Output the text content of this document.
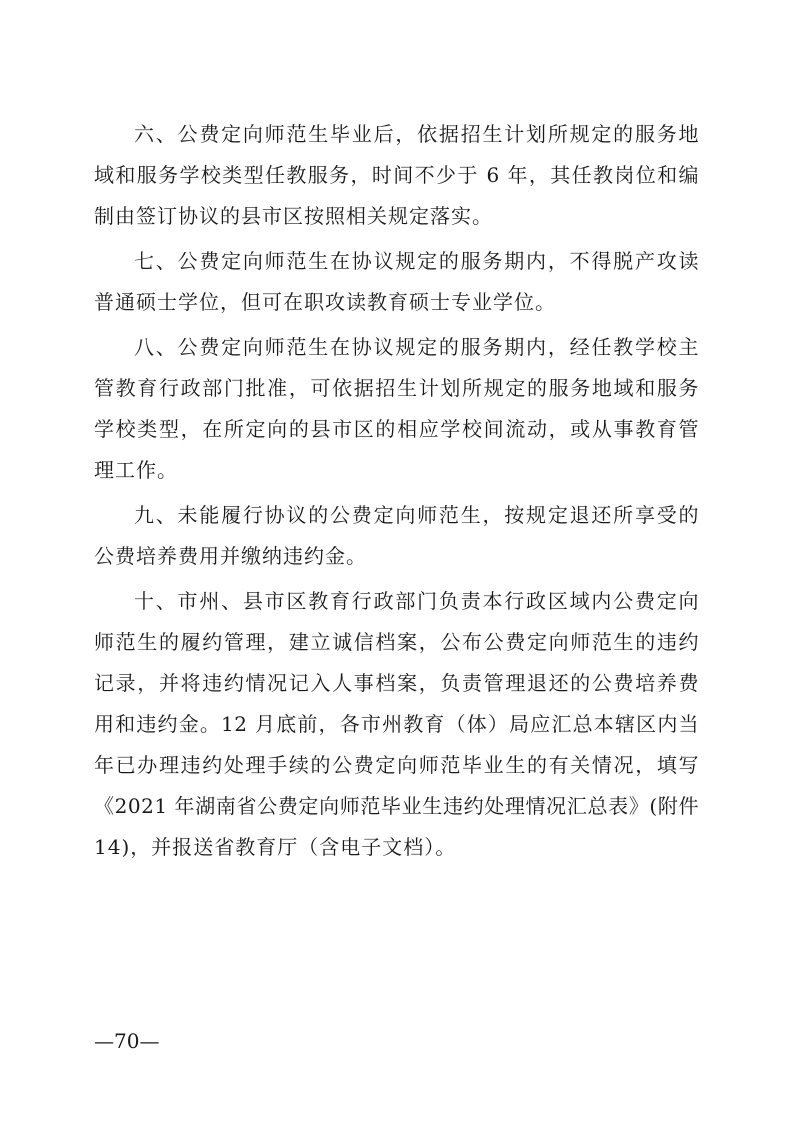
六、公费定向师范生毕业后，依据招生计划所规定的服务地
域和服务学校类型任教服务，时间不少于 6 年，其任教岗位和编
制由签订协议的县市区按照相关规定落实。
七、公费定向师范生在协议规定的服务期内，不得脱产攻读
普通硕士学位，但可在职攻读教育硕士专业学位。
八、公费定向师范生在协议规定的服务期内，经任教学校主
管教育行政部门批准，可依据招生计划所规定的服务地域和服务
学校类型，在所定向的县市区的相应学校间流动，或从事教育管
理工作。
九、未能履行协议的公费定向师范生，按规定退还所享受的
公费培养费用并缴纳违约金。
十、市州、县市区教育行政部门负责本行政区域内公费定向
师范生的履约管理，建立诚信档案，公布公费定向师范生的违约
记录，并将违约情况记入人事档案，负责管理退还的公费培养费
用和违约金。12 月底前，各市州教育（体）局应汇总本辖区内当
年已办理违约处理手续的公费定向师范毕业生的有关情况，填写
《2021 年湖南省公费定向师范毕业生违约处理情况汇总表》(附件
14)，并报送省教育厅（含电子文档）。
—70—
